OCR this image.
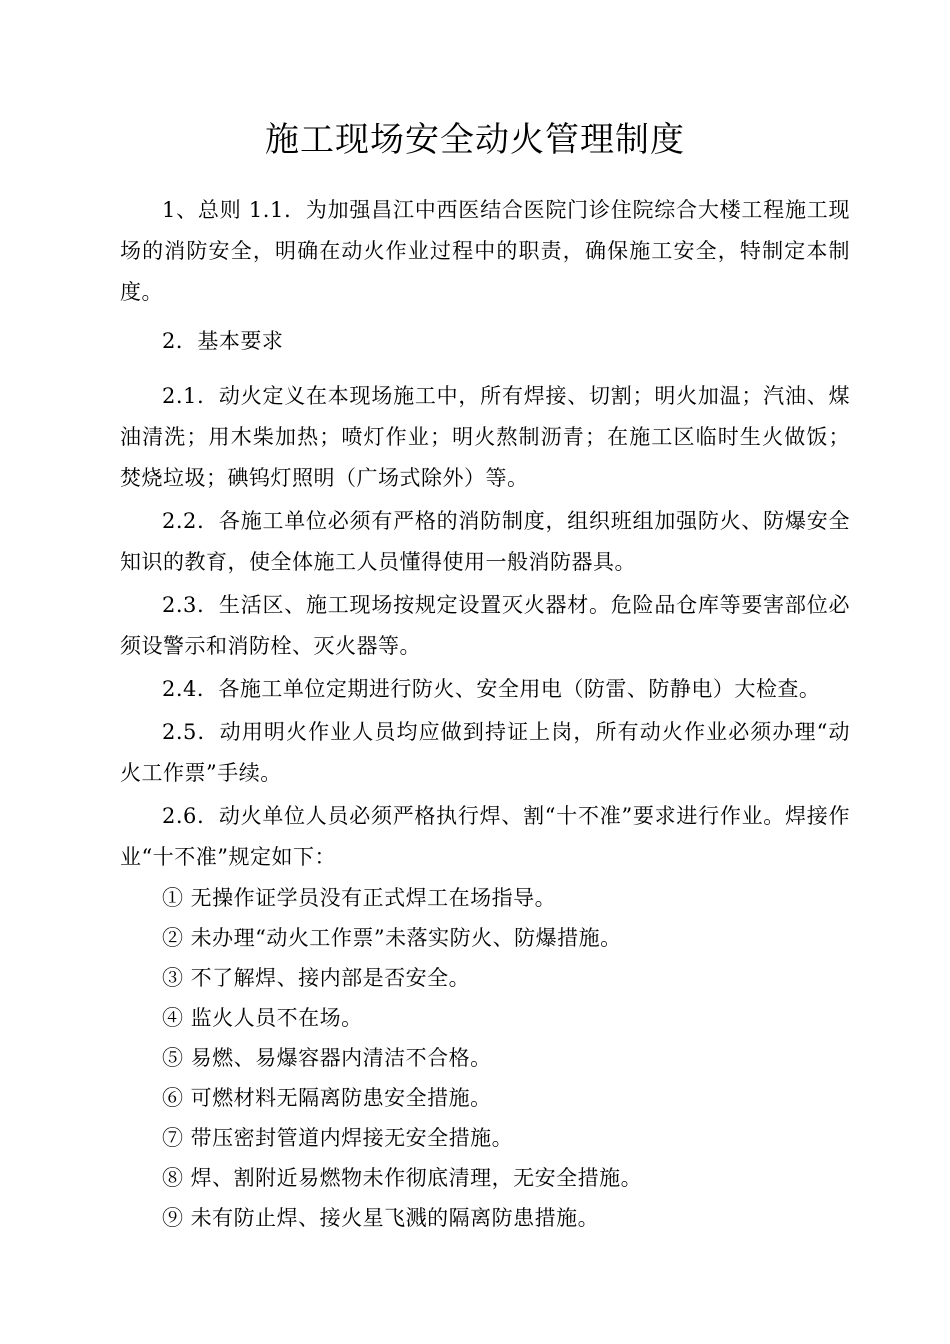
施工现场安全动火管理制度

1、总则 1.1．为加强昌江中西医结合医院门诊住院综合大楼工程施工现场的消防安全，明确在动火作业过程中的职责，确保施工安全，特制定本制度。

2．基本要求

2.1．动火定义在本现场施工中，所有焊接、切割；明火加温；汽油、煤油清洗；用木柴加热；喷灯作业；明火熬制沥青；在施工区临时生火做饭；焚烧垃圾；碘钨灯照明（广场式除外）等。

2.2．各施工单位必须有严格的消防制度，组织班组加强防火、防爆安全知识的教育，使全体施工人员懂得使用一般消防器具。

2.3．生活区、施工现场按规定设置灭火器材。危险品仓库等要害部位必须设警示和消防栓、灭火器等。

2.4．各施工单位定期进行防火、安全用电（防雷、防静电）大检查。

2.5．动用明火作业人员均应做到持证上岗，所有动火作业必须办理“动火工作票”手续。

2.6．动火单位人员必须严格执行焊、割“十不准”要求进行作业。焊接作业“十不准”规定如下：

① 无操作证学员没有正式焊工在场指导。
② 未办理“动火工作票”未落实防火、防爆措施。
③ 不了解焊、接内部是否安全。
④ 监火人员不在场。
⑤ 易燃、易爆容器内清洁不合格。
⑥ 可燃材料无隔离防患安全措施。
⑦ 带压密封管道内焊接无安全措施。
⑧ 焊、割附近易燃物未作彻底清理，无安全措施。
⑨ 未有防止焊、接火星飞溅的隔离防患措施。
